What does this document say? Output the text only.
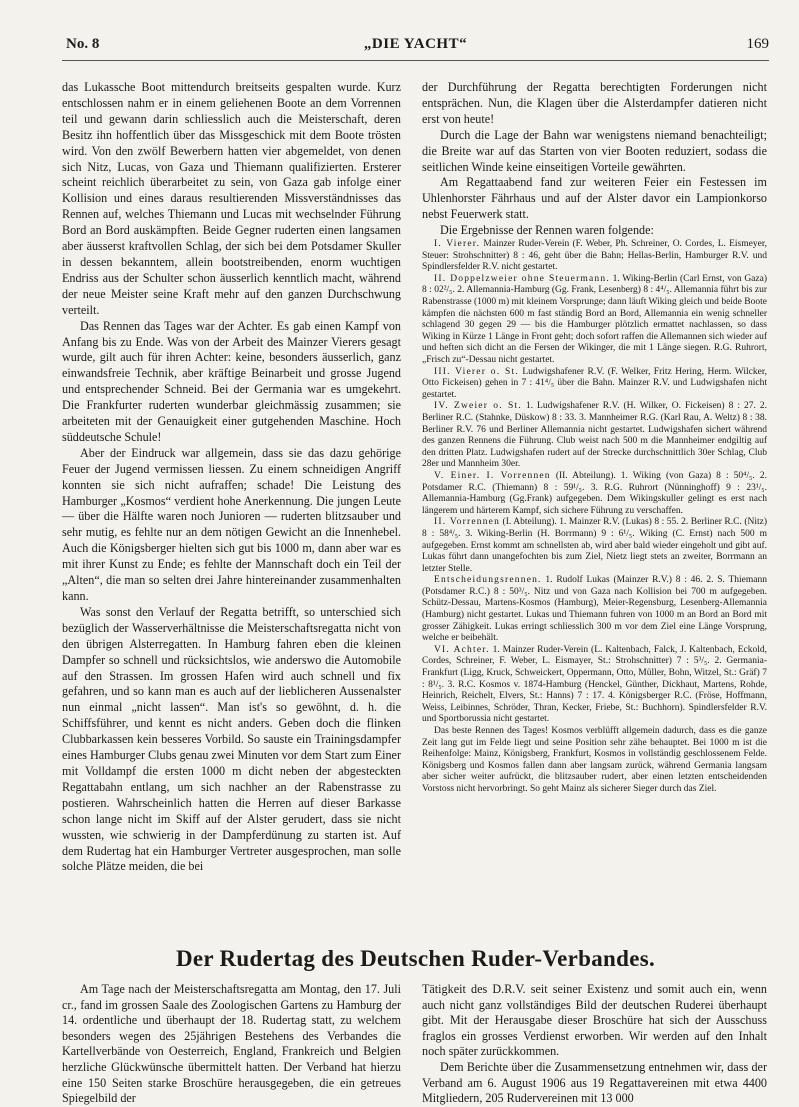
No. 8	„DIE YACHT“	169

das Lukassche Boot mittendurch breitseits gespalten wurde. Kurz entschlossen nahm er in einem geliehenen Boote an dem Vorrennen teil und gewann darin schliesslich auch die Meisterschaft, deren Besitz ihn hoffentlich über das Missgeschick mit dem Boote trösten wird. Von den zwölf Bewerbern hatten vier abgemeldet, von denen sich Nitz, Lucas, von Gaza und Thiemann qualifizierten. Ersterer scheint reichlich überarbeitet zu sein, von Gaza gab infolge einer Kollision und eines daraus resultierenden Missverständnisses das Rennen auf, welches Thiemann und Lucas mit wechselnder Führung Bord an Bord auskämpften. Beide Gegner ruderten einen langsamen aber äusserst kraftvollen Schlag, der sich bei dem Potsdamer Skuller in dessen bekanntem, allein bootstreibenden, enorm wuchtigen Endriss aus der Schulter schon äusserlich kenntlich macht, während der neue Meister seine Kraft mehr auf den ganzen Durchschwung verteilt.

Das Rennen das Tages war der Achter. Es gab einen Kampf von Anfang bis zu Ende. Was von der Arbeit des Mainzer Vierers gesagt wurde, gilt auch für ihren Achter: keine, besonders äusserlich, ganz einwandsfreie Technik, aber kräftige Beinarbeit und grosse Jugend und entsprechender Schneid. Bei der Germania war es umgekehrt. Die Frankfurter ruderten wunderbar gleichmässig zusammen; sie arbeiteten mit der Genauigkeit einer gutgehenden Maschine. Hoch süddeutsche Schule!

Aber der Eindruck war allgemein, dass sie das dazu gehörige Feuer der Jugend vermissen liessen. Zu einem schneidigen Angriff konnten sie sich nicht aufraffen; schade! Die Leistung des Hamburger „Kosmos“ verdient hohe Anerkennung. Die jungen Leute — über die Hälfte waren noch Junioren — ruderten blitzsauber und sehr mutig, es fehlte nur an dem nötigen Gewicht an die Innenhebel. Auch die Königsberger hielten sich gut bis 1000 m, dann aber war es mit ihrer Kunst zu Ende; es fehlte der Mannschaft doch ein Teil der „Alten“, die man so selten drei Jahre hintereinander zusammenhalten kann.

Was sonst den Verlauf der Regatta betrifft, so unterschied sich bezüglich der Wasserverhältnisse die Meisterschaftsregatta nicht von den übrigen Alsterregatten. In Hamburg fahren eben die kleinen Dampfer so schnell und rücksichtslos, wie anderswo die Automobile auf den Strassen. Im grossen Hafen wird auch schnell und fix gefahren, und so kann man es auch auf der lieblicheren Aussenalster nun einmal „nicht lassen“. Man ist's so gewöhnt, d. h. die Schiffsführer, und kennt es nicht anders. Geben doch die flinken Clubbarkassen kein besseres Vorbild. So sauste ein Trainingsdampfer eines Hamburger Clubs genau zwei Minuten vor dem Start zum Einer mit Volldampf die ersten 1000 m dicht neben der abgesteckten Regattabahn entlang, um sich nachher an der Rabenstrasse zu postieren. Wahrscheinlich hatten die Herren auf dieser Barkasse schon lange nicht im Skiff auf der Alster gerudert, dass sie nicht wussten, wie schwierig in der Dampferdünung zu starten ist. Auf dem Rudertag hat ein Hamburger Vertreter ausgesprochen, man solle solche Plätze meiden, die bei

der Durchführung der Regatta berechtigten Forderungen nicht entsprächen. Nun, die Klagen über die Alsterdampfer datieren nicht erst von heute!

Durch die Lage der Bahn war wenigstens niemand benachteiligt; die Breite war auf das Starten von vier Booten reduziert, sodass die seitlichen Winde keine einseitigen Vorteile gewährten.

Am Regattaabend fand zur weiteren Feier ein Festessen im Uhlenhorster Fährhaus und auf der Alster davor ein Lampionkorso nebst Feuerwerk statt.

Die Ergebnisse der Rennen waren folgende:

I. Vierer. Mainzer Ruder-Verein (F. Weber, Ph. Schreiner, O. Cordes, L. Eismeyer, Steuer: Strohschnitter) 8 : 46, geht über die Bahn; Hellas-Berlin, Hamburger R.V. und Spindlersfelder R.V. nicht gestartet.

II. Doppelzweier ohne Steuermann. 1. Wiking-Berlin (Carl Ernst, von Gaza) 8 : 02²/₅. 2. Allemannia-Hamburg (Gg. Frank, Lesenberg) 8 : 4⁴/₅. Allemannia führt bis zur Rabenstrasse (1000 m) mit kleinem Vorsprunge; dann läuft Wiking gleich und beide Boote kämpfen die nächsten 600 m fast ständig Bord an Bord, Allemannia ein wenig schneller schlagend 30 gegen 29 — bis die Hamburger plötzlich ermattet nachlassen, so dass Wiking in Kürze 1 Länge in Front geht; doch sofort raffen die Allemannen sich wieder auf und heften sich dicht an die Fersen der Wikinger, die mit 1 Länge siegen. R.G. Ruhrort, „Frisch zu“-Dessau nicht gestartet.

III. Vierer o. St. Ludwigshafener R.V. (F. Welker, Fritz Hering, Herm. Wilcker, Otto Fickeisen) gehen in 7 : 41⁴/₅ über die Bahn. Mainzer R.V. und Ludwigshafen nicht gestartet.

IV. Zweier o. St. 1. Ludwigshafener R.V. (H. Wilker, O. Fickeisen) 8 : 27. 2. Berliner R.C. (Stahnke, Düskow) 8 : 33. 3. Mannheimer R.G. (Karl Rau, A. Weltz) 8 : 38. Berliner R.V. 76 und Berliner Allemannia nicht gestartet. Ludwigshafen sichert während des ganzen Rennens die Führung. Club weist nach 500 m die Mannheimer endgiltig auf den dritten Platz. Ludwigshafen rudert auf der Strecke durchschnittlich 30er Schlag, Club 28er und Mannheim 30er.

V. Einer. I. Vorrennen (II. Abteilung). 1. Wiking (von Gaza) 8 : 50⁴/₅. 2. Potsdamer R.C. (Thiemann) 8 : 59¹/₅. 3. R.G. Ruhrort (Nünninghoff) 9 : 23¹/₅. Allemannia-Hamburg (Gg.Frank) aufgegeben. Dem Wikingskuller gelingt es erst nach längerem und härterem Kampf, sich sichere Führung zu verschaffen.

II. Vorrennen (I. Abteilung). 1. Mainzer R.V. (Lukas) 8 : 55. 2. Berliner R.C. (Nitz) 8 : 58⁴/₅. 3. Wiking-Berlin (H. Borrmann) 9 : 6¹/₅. Wiking (C. Ernst) nach 500 m aufgegeben. Ernst kommt am schnellsten ab, wird aber bald wieder eingeholt und gibt auf. Lukas führt dann unangefochten bis zum Ziel, Nietz liegt stets an zweiter, Borrmann an letzter Stelle.

Entscheidungsrennen. 1. Rudolf Lukas (Mainzer R.V.) 8 : 46. 2. S. Thiemann (Potsdamer R.C.) 8 : 50³/₅. Nitz und von Gaza nach Kollision bei 700 m aufgegeben. Schütz-Dessau, Martens-Kosmos (Hamburg), Meier-Regensburg, Lesenberg-Allemannia (Hamburg) nicht gestartet. Lukas und Thiemann fuhren von 1000 m an Bord an Bord mit grosser Zähigkeit. Lukas erringt schliesslich 300 m vor dem Ziel eine Länge Vorsprung, welche er beibehält.

VI. Achter. 1. Mainzer Ruder-Verein (L. Kaltenbach, Falck, J. Kaltenbach, Eckold, Cordes, Schreiner, F. Weber, L. Eismayer, St.: Strohschnitter) 7 : 5³/₅. 2. Germania-Frankfurt (Ligg, Kruck, Schweickert, Oppermann, Otto, Müller, Bohn, Witzel, St.: Gräf) 7 : 8¹/₅. 3. R.C. Kosmos v. 1874-Hamburg (Henckel, Günther, Dickhaut, Martens, Rohde, Heinrich, Reichelt, Elvers, St.: Hanns) 7 : 17. 4. Königsberger R.C. (Fröse, Hoffmann, Weiss, Leibinnes, Schröder, Thran, Kecker, Friebe, St.: Buchhorn). Spindlersfelder R.V. und Sportborussia nicht gestartet.

Das beste Rennen des Tages! Kosmos verblüfft allgemein dadurch, dass es die ganze Zeit lang gut im Felde liegt und seine Position sehr zähe behauptet. Bei 1000 m ist die Reihenfolge: Mainz, Königsberg, Frankfurt, Kosmos in vollständig geschlossenem Felde. Königsberg und Kosmos fallen dann aber langsam zurück, während Germania langsam aber sicher weiter aufrückt, die blitzsauber rudert, aber einen letzten entscheidenden Vorstoss nicht hervorbringt. So geht Mainz als sicherer Sieger durch das Ziel.

Der Rudertag des Deutschen Ruder-Verbandes.

Am Tage nach der Meisterschaftsregatta am Montag, den 17. Juli cr., fand im grossen Saale des Zoologischen Gartens zu Hamburg der 14. ordentliche und überhaupt der 18. Rudertag statt, zu welchem besonders wegen des 25jährigen Bestehens des Verbandes die Kartellverbände von Oesterreich, England, Frankreich und Belgien herzliche Glückwünsche übermittelt hatten. Der Verband hat hierzu eine 150 Seiten starke Broschüre herausgegeben, die ein getreues Spiegelbild der

Tätigkeit des D.R.V. seit seiner Existenz und somit auch ein, wenn auch nicht ganz vollständiges Bild der deutschen Ruderei überhaupt gibt. Mit der Herausgabe dieser Broschüre hat sich der Ausschuss fraglos ein grosses Verdienst erworben. Wir werden auf den Inhalt noch später zurückkommen.

Dem Berichte über die Zusammensetzung entnehmen wir, dass der Verband am 6. August 1906 aus 19 Regattavereinen mit etwa 4400 Mitgliedern, 205 Rudervereinen mit 13 000
